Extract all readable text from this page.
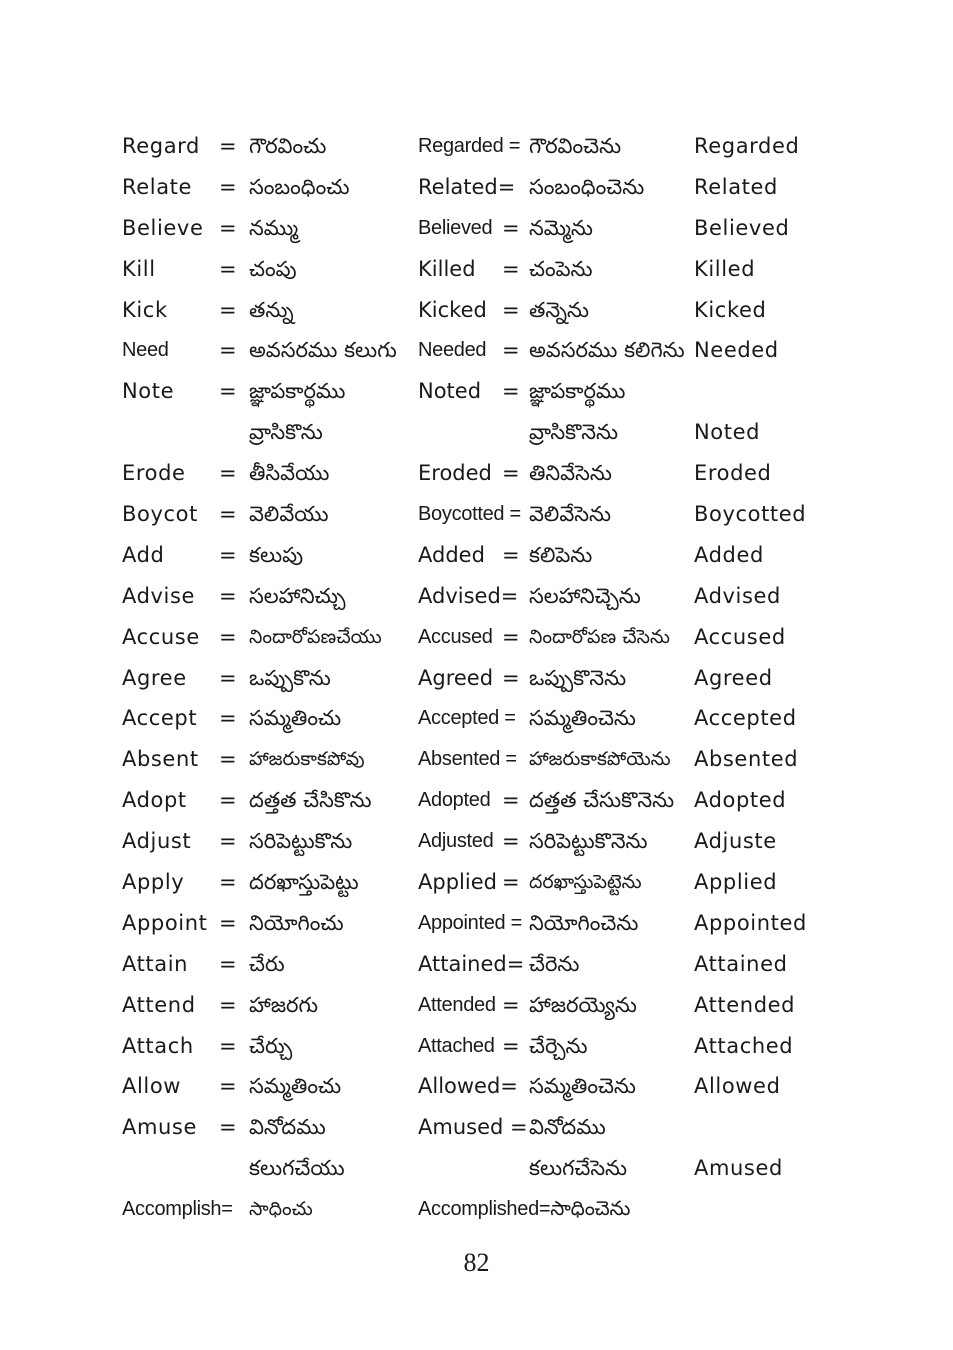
Regard = గౌరవించు	Regarded = గౌరవించెను	Regarded
Relate = సంబంధించు	Related= సంబంధించెను Related
Believe = నమ్ము	Believed = నమ్మెను	Believed
Kill	= చంపు	Killed = చంపెను	Killed
Kick = తన్ను	Kicked = తన్నెను	Kicked
Need = అవసరము కలుగు Needed = అవసరము కలిగెను Needed
Note = జ్ఞాపకార్థము	Noted = జ్ఞాపకార్థము
వ్రాసికొను	వ్రాసికొనెను	Noted
Erode = తీసివేయు	Eroded = తినివేసెను	Eroded
Boycot = వెలివేయు	Boycotted = వెలివేసెను	Boycotted
Add	= కలుపు	Added = కలిపెను	Added
Advise = సలహానిచ్చు	Advised= సలహానిచ్చెను	Advised
Accuse = నిందారోపణచేయు Accused = నిందారోపణ చేసెను Accused
Agree = ఒప్పుకొను	Agreed = ఒప్పుకొనెను	Agreed
Accept = సమ్మతించు	Accepted = సమ్మతించెను	Accepted
Absent = హాజరుకాకపోవు	Absented = హాజరుకాకపోయెను Absented
Adopt = దత్తత చేసికొను Adopted = దత్తత చేసుకొనెను Adopted
Adjust = సరిపెట్టుకొను	Adjusted = సరిపెట్టుకొనెను Adjuste
Apply = దరఖాస్తుపెట్టు	Applied = దరఖాస్తుపెట్టెను Applied
Appoint = నియోగించు	Appointed = నియోగించెను	Appointed
Attain = చేరు	Attained= చేరెను	Attained
Attend = హాజరగు	Attended = హాజరయ్యెను	Attended
Attach = చేర్చు	Attached = చేర్చెను	Attached
Allow = సమ్మతించు	Allowed= సమ్మతించెను	Allowed
Amuse = వినోదము	Amused = వినోదము
కలుగచేయు	కలుగచేసెను	Amused
Accomplish= సాధించు	Accomplished=సాధించెను
82
